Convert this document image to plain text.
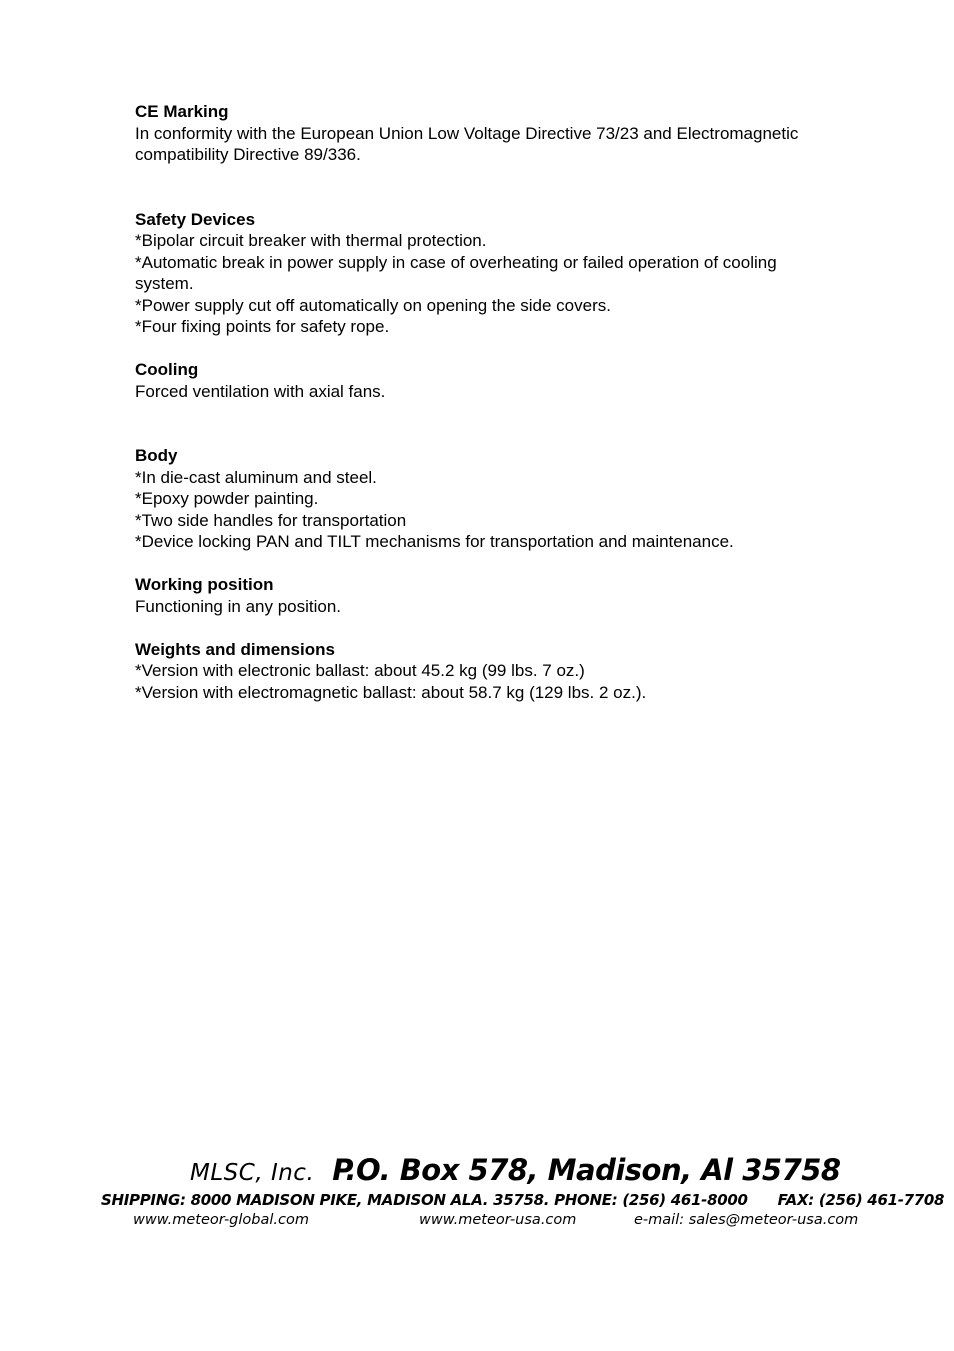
CE Marking
In conformity with the European Union Low Voltage Directive 73/23 and Electromagnetic
compatibility Directive 89/336.
Safety Devices
*Bipolar circuit breaker with thermal protection.
*Automatic break in power supply in case of overheating or failed operation of cooling
system.
*Power supply cut off automatically on opening the side covers.
*Four fixing points for safety rope.
Cooling
Forced ventilation with axial fans.
Body
*In die-cast aluminum and steel.
*Epoxy powder painting.
*Two side handles for transportation
*Device locking PAN and TILT mechanisms for transportation and maintenance.
Working position
Functioning in any position.
Weights and dimensions
*Version with electronic ballast: about 45.2 kg (99 lbs. 7 oz.)
*Version with electromagnetic ballast: about 58.7 kg (129 lbs. 2 oz.).
MLSC, Inc. P.O. Box 578, Madison, Al 35758
SHIPPING: 8000 MADISON PIKE, MADISON ALA. 35758. PHONE: (256) 461-8000 FAX: (256) 461-7708
www.meteor-global.com	www.meteor-usa.com	e-mail: sales@meteor-usa.com
